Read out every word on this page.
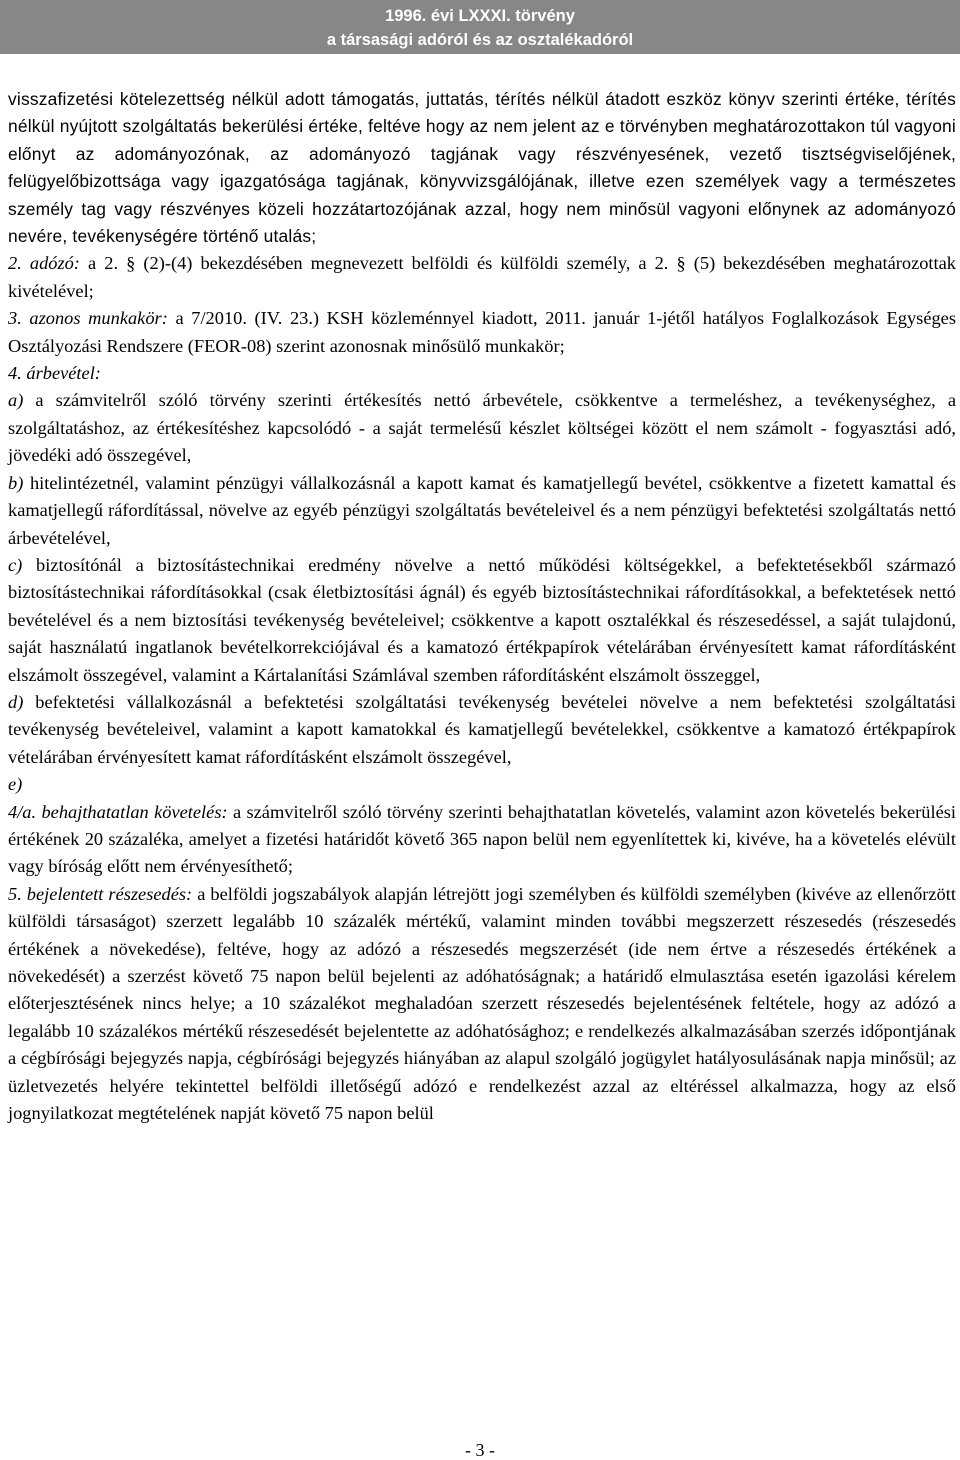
1996. évi LXXXI. törvény
a társasági adóról és az osztalékadóról

visszafizetési kötelezettség nélkül adott támogatás, juttatás, térítés nélkül átadott eszköz könyv szerinti értéke, térítés nélkül nyújtott szolgáltatás bekerülési értéke, feltéve hogy az nem jelent az e törvényben meghatározottakon túl vagyoni előnyt az adományozónak, az adományozó tagjának vagy részvényesének, vezető tisztségviselőjének, felügyelőbizottsága vagy igazgatósága tagjának, könyvvizsgálójának, illetve ezen személyek vagy a természetes személy tag vagy részvényes közeli hozzátartozójának azzal, hogy nem minősül vagyoni előnynek az adományozó nevére, tevékenységére történő utalás;

2. adózó: a 2. § (2)-(4) bekezdésében megnevezett belföldi és külföldi személy, a 2. § (5) bekezdésében meghatározottak kivételével;

3. azonos munkakör: a 7/2010. (IV. 23.) KSH közleménnyel kiadott, 2011. január 1-jétől hatályos Foglalkozások Egységes Osztályozási Rendszere (FEOR-08) szerint azonosnak minősülő munkakör;

4. árbevétel:

a) a számvitelről szóló törvény szerinti értékesítés nettó árbevétele, csökkentve a termeléshez, a tevékenységhez, a szolgáltatáshoz, az értékesítéshez kapcsolódó - a saját termelésű készlet költségei között el nem számolt - fogyasztási adó, jövedéki adó összegével,

b) hitelintézetnél, valamint pénzügyi vállalkozásnál a kapott kamat és kamatjellegű bevétel, csökkentve a fizetett kamattal és kamatjellegű ráfordítással, növelve az egyéb pénzügyi szolgáltatás bevételeivel és a nem pénzügyi befektetési szolgáltatás nettó árbevételével,

c) biztosítónál a biztosítástechnikai eredmény növelve a nettó működési költségekkel, a befektetésekből származó biztosítástechnikai ráfordításokkal (csak életbiztosítási ágnál) és egyéb biztosítástechnikai ráfordításokkal, a befektetések nettó bevételével és a nem biztosítási tevékenység bevételeivel; csökkentve a kapott osztalékkal és részesedéssel, a saját tulajdonú, saját használatú ingatlanok bevételkorrekciójával és a kamatozó értékpapírok vételárában érvényesített kamat ráfordításként elszámolt összegével, valamint a Kártalanítási Számlával szemben ráfordításként elszámolt összeggel,

d) befektetési vállalkozásnál a befektetési szolgáltatási tevékenység bevételei növelve a nem befektetési szolgáltatási tevékenység bevételeivel, valamint a kapott kamatokkal és kamatjellegű bevételekkel, csökkentve a kamatozó értékpapírok vételárában érvényesített kamat ráfordításként elszámolt összegével,

e)

4/a. behajthatatlan követelés: a számvitelről szóló törvény szerinti behajthatatlan követelés, valamint azon követelés bekerülési értékének 20 százaléka, amelyet a fizetési határidőt követő 365 napon belül nem egyenlítettek ki, kivéve, ha a követelés elévült vagy bíróság előtt nem érvényesíthető;

5. bejelentett részesedés: a belföldi jogszabályok alapján létrejött jogi személyben és külföldi személyben (kivéve az ellenőrzött külföldi társaságot) szerzett legalább 10 százalék mértékű, valamint minden további megszerzett részesedés (részesedés értékének a növekedése), feltéve, hogy az adózó a részesedés megszerzését (ide nem értve a részesedés értékének a növekedését) a szerzést követő 75 napon belül bejelenti az adóhatóságnak; a határidő elmulasztása esetén igazolási kérelem előterjesztésének nincs helye; a 10 százalékot meghaladóan szerzett részesedés bejelentésének feltétele, hogy az adózó a legalább 10 százalékos mértékű részesedését bejelentette az adóhatósághoz; e rendelkezés alkalmazásában szerzés időpontjának a cégbírósági bejegyzés napja, cégbírósági bejegyzés hiányában az alapul szolgáló jogügylet hatályosulásának napja minősül; az üzletvezetés helyére tekintettel belföldi illetőségű adózó e rendelkezést azzal az eltéréssel alkalmazza, hogy az első jognyilatkozat megtételének napját követő 75 napon belül

- 3 -
